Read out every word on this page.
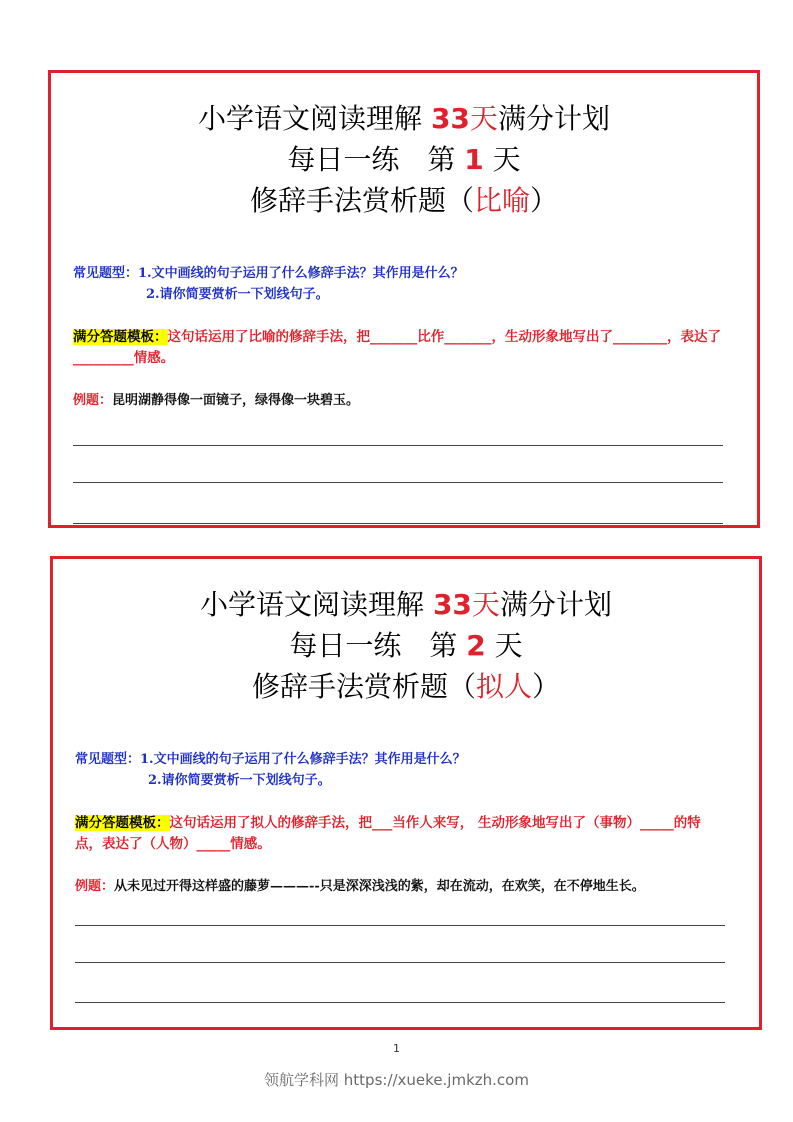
小学语文阅读理解 33天满分计划
每日一练　第 1 天
修辞手法赏析题（比喻）
常见题型：1.文中画线的句子运用了什么修辞手法？其作用是什么？
2.请你简要赏析一下划线句子。
满分答题模板：这句话运用了比喻的修辞手法，把_______比作_______，生动形象地写出了________，表达了_________情感。
例题：昆明湖静得像一面镜子，绿得像一块碧玉。
小学语文阅读理解 33天满分计划
每日一练　第 2 天
修辞手法赏析题（拟人）
常见题型：1.文中画线的句子运用了什么修辞手法？其作用是什么？
2.请你简要赏析一下划线句子。
满分答题模板：这句话运用了拟人的修辞手法，把___当作人来写， 生动形象地写出了（事物）_____的特点，表达了（人物）_____情感。
例题：从未见过开得这样盛的藤萝———--只是深深浅浅的紫，却在流动，在欢笑，在不停地生长。
1
领航学科网 https://xueke.jmkzh.com
